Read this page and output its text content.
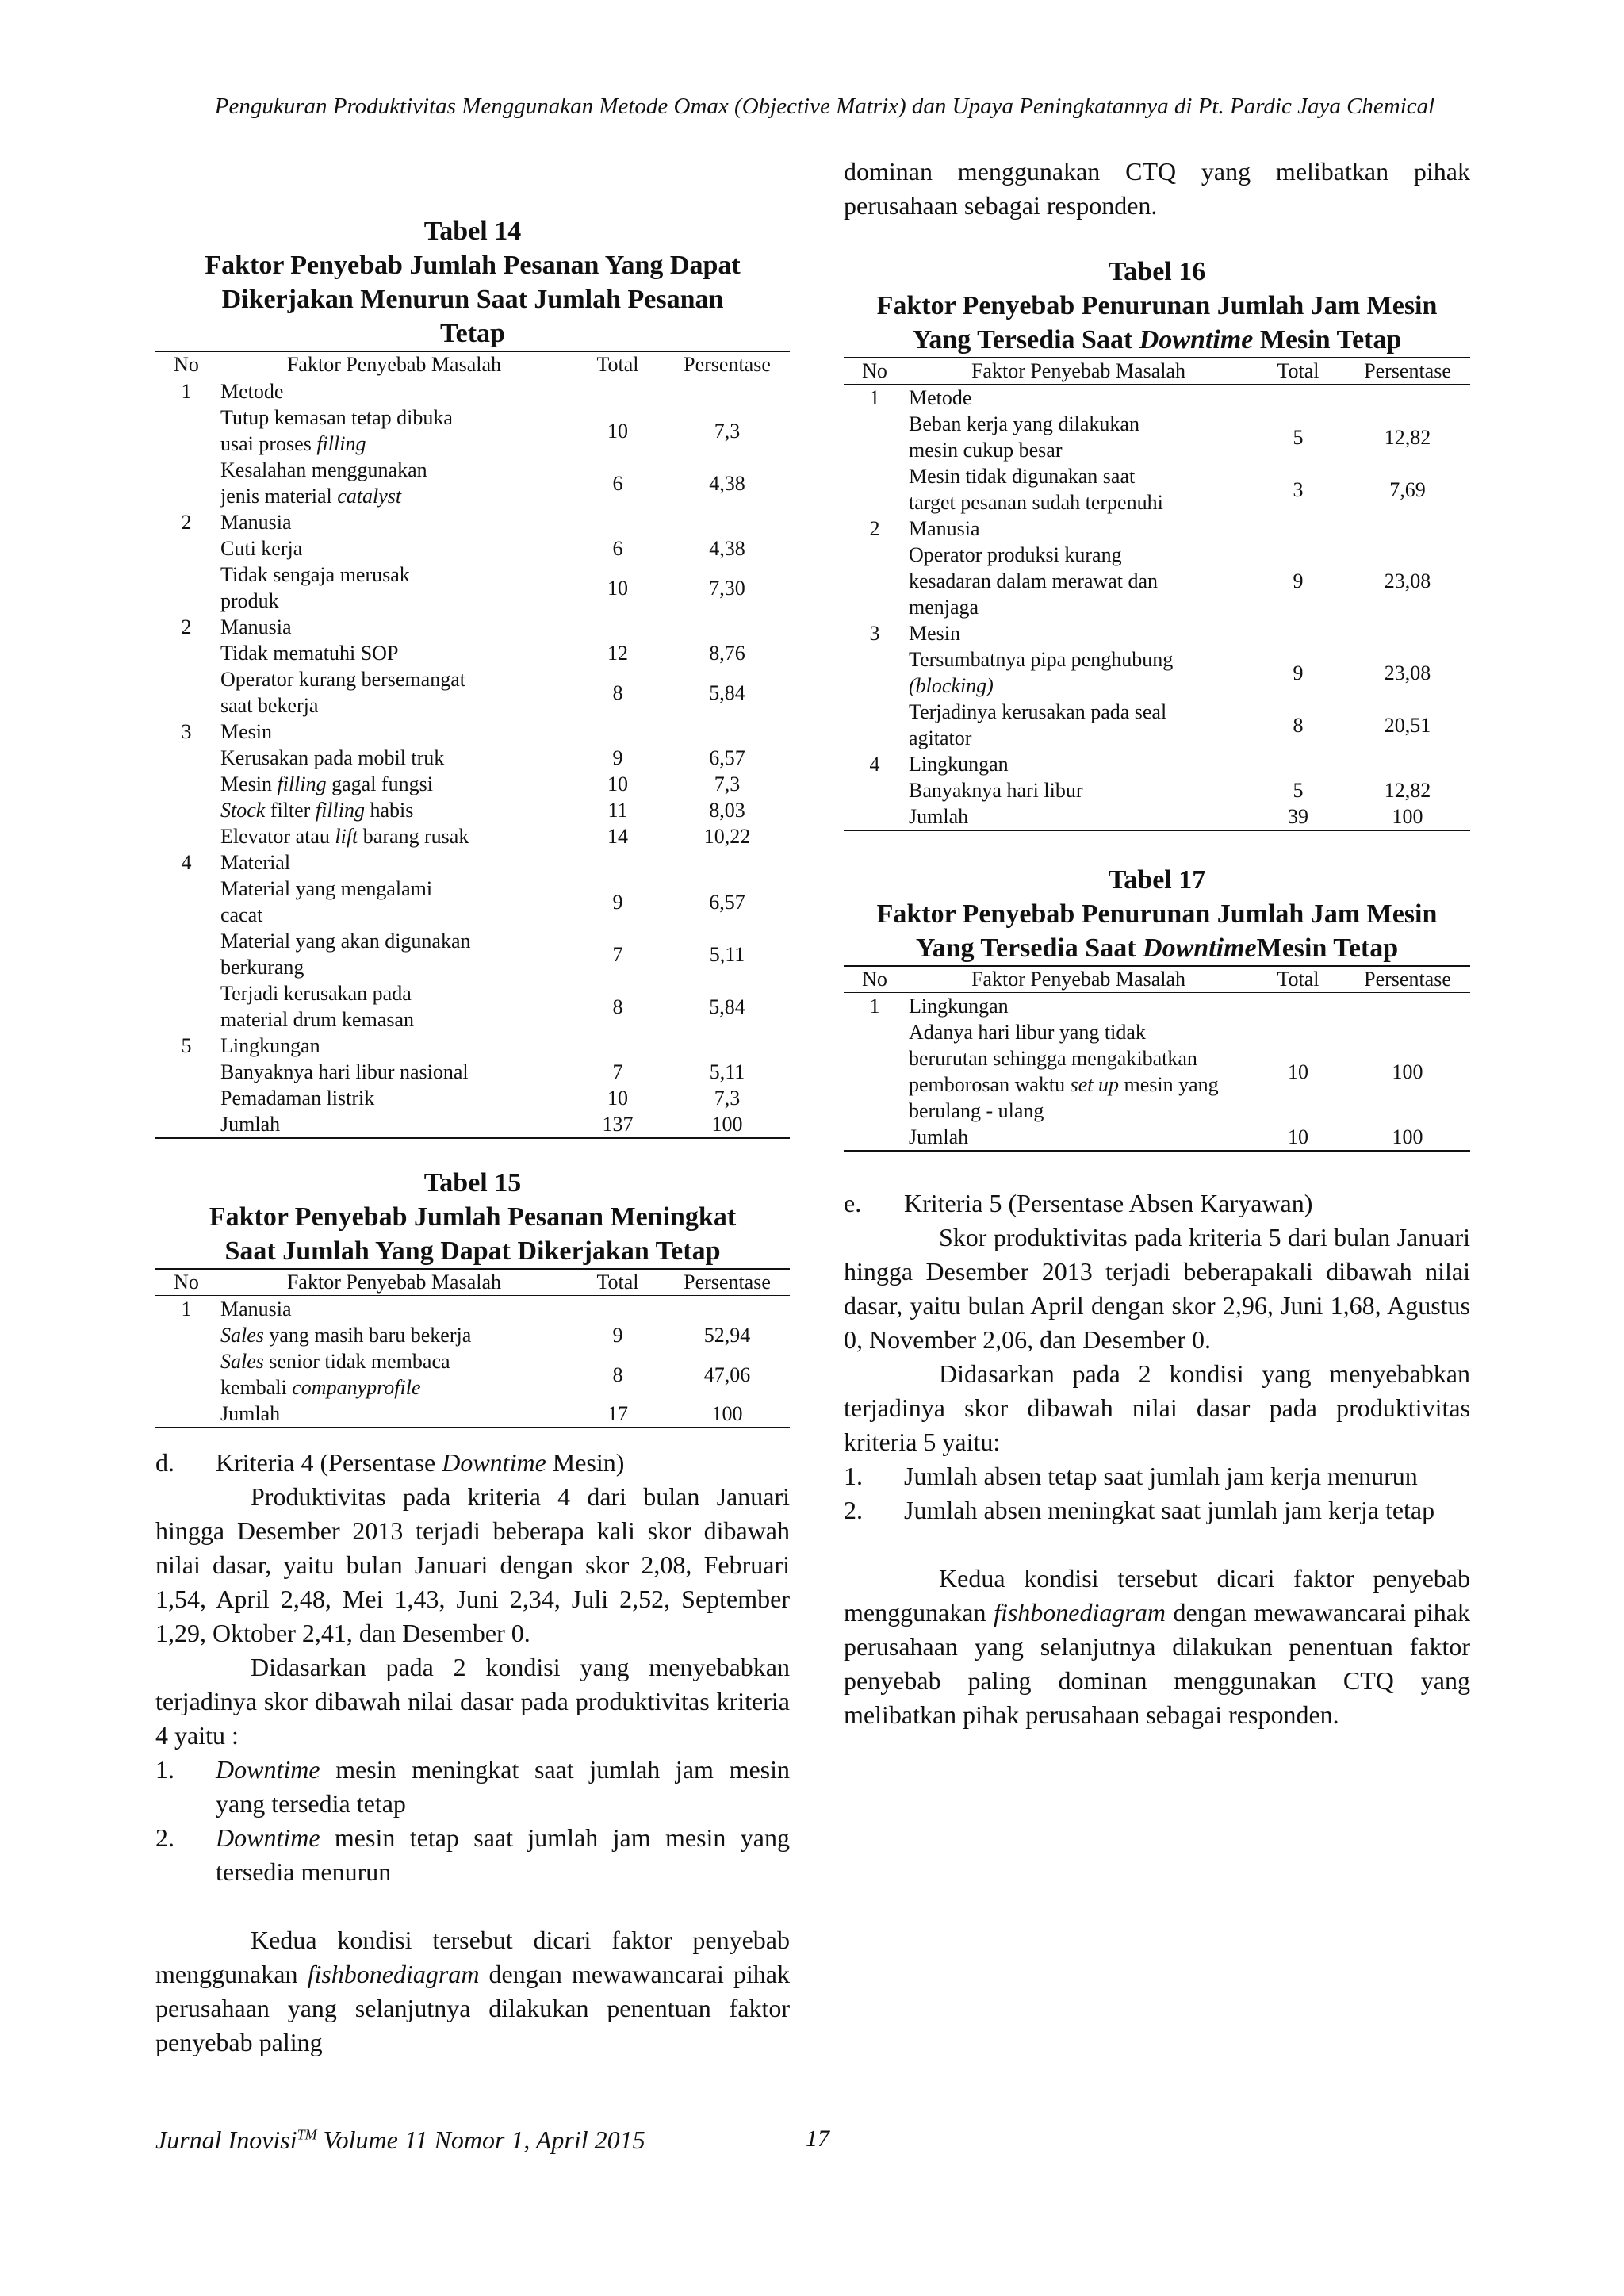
Pengukuran Produktivitas Menggunakan Metode Omax (Objective Matrix) dan Upaya Peningkatannya di Pt. Pardic Jaya Chemical
Tabel 14
Faktor Penyebab Jumlah Pesanan Yang Dapat
Dikerjakan Menurun Saat Jumlah Pesanan
Tetap
No	Faktor Penyebab Masalah	Total	Persentase
1	Metode		

	Tutup kemasan tetap dibuka
usai proses filling	10	7,3

	Kesalahan menggunakan
jenis material catalyst	6	4,38
2	Manusia		

	Cuti kerja	6	4,38

	Tidak sengaja merusak
produk	10	7,30
2	Manusia		

	Tidak mematuhi SOP	12	8,76

	Operator kurang bersemangat
saat bekerja	8	5,84
3	Mesin		

	Kerusakan pada mobil truk	9	6,57

	Mesin filling gagal fungsi	10	7,3

	Stock filter filling habis	11	8,03

	Elevator atau lift barang rusak	14	10,22
4	Material		

	Material yang mengalami
cacat	9	6,57

	Material yang akan digunakan
berkurang	7	5,11

	Terjadi kerusakan pada
material drum kemasan	8	5,84
5	Lingkungan		

	Banyaknya hari libur nasional	7	5,11

	Pemadaman listrik	10	7,3

	Jumlah	137	100
Tabel 15
Faktor Penyebab Jumlah Pesanan Meningkat
Saat Jumlah Yang Dapat Dikerjakan Tetap
No	Faktor Penyebab Masalah	Total	Persentase
1	Manusia		

	Sales yang masih baru bekerja	9	52,94

	Sales senior tidak membaca
kembali companyprofile	8	47,06

	Jumlah	17	100
d.	Kriteria 4 (Persentase Downtime Mesin)

Produktivitas pada kriteria 4 dari bulan Januari hingga Desember 2013 terjadi beberapa kali skor dibawah nilai dasar, yaitu bulan Januari dengan skor 2,08, Februari 1,54, April 2,48, Mei 1,43, Juni 2,34, Juli 2,52, September 1,29, Oktober 2,41, dan Desember 0.

Didasarkan pada 2 kondisi yang menyebabkan terjadinya skor dibawah nilai dasar pada produktivitas kriteria 4 yaitu :

1.	Downtime mesin meningkat saat jumlah jam mesin yang tersedia tetap
2.	Downtime mesin tetap saat jumlah jam mesin yang tersedia menurun

Kedua kondisi tersebut dicari faktor penyebab menggunakan fishbonediagram dengan mewawancarai pihak perusahaan yang selanjutnya dilakukan penentuan faktor penyebab paling

dominan menggunakan CTQ yang melibatkan pihak perusahaan sebagai responden.

Tabel 16
Faktor Penyebab Penurunan Jumlah Jam Mesin
Yang Tersedia Saat Downtime Mesin Tetap
No	Faktor Penyebab Masalah	Total	Persentase
1	Metode		

	Beban kerja yang dilakukan
mesin cukup besar	5	12,82

	Mesin tidak digunakan saat
target pesanan sudah terpenuhi	3	7,69
2	Manusia		

	Operator produksi kurang
kesadaran dalam merawat dan
menjaga	9	23,08
3	Mesin		

	Tersumbatnya pipa penghubung
(blocking)	9	23,08

	Terjadinya kerusakan pada seal
agitator	8	20,51
4	Lingkungan		

	Banyaknya hari libur	5	12,82

	Jumlah	39	100
Tabel 17
Faktor Penyebab Penurunan Jumlah Jam Mesin
Yang Tersedia Saat DowntimeMesin Tetap
No	Faktor Penyebab Masalah	Total	Persentase
1	Lingkungan		

	Adanya hari libur yang tidak
berurutan sehingga mengakibatkan
pemborosan waktu set up mesin yang
berulang - ulang	10	100

	Jumlah	10	100
e.	Kriteria 5 (Persentase Absen Karyawan)

Skor produktivitas pada kriteria 5 dari bulan Januari hingga Desember 2013 terjadi beberapakali dibawah nilai dasar, yaitu bulan April dengan skor 2,96, Juni 1,68, Agustus 0, November 2,06, dan Desember 0.

Didasarkan pada 2 kondisi yang menyebabkan terjadinya skor dibawah nilai dasar pada produktivitas kriteria 5 yaitu:

1.	Jumlah absen tetap saat jumlah jam kerja menurun
2.	Jumlah absen meningkat saat jumlah jam kerja tetap

Kedua kondisi tersebut dicari faktor penyebab menggunakan fishbonediagram dengan mewawancarai pihak perusahaan yang selanjutnya dilakukan penentuan faktor penyebab paling dominan menggunakan CTQ yang melibatkan pihak perusahaan sebagai responden.

Jurnal Inovisi™ Volume 11 Nomor 1, April 2015	17
